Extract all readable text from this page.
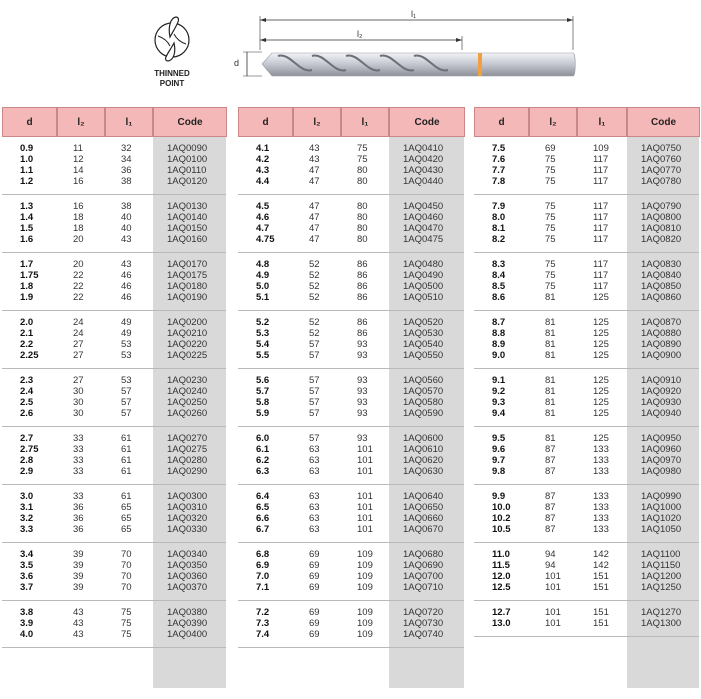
THINNED
POINT
d
l₁
l₂
d	l₂	l₁	Code	d	l₂	l₁	Code	d	l₂	l₁	Code
0.9	11	32	1AQ0090
1.0	12	34	1AQ0100
1.1	14	36	1AQ0110
1.2	16	38	1AQ0120
1.3	16	38	1AQ0130
1.4	18	40	1AQ0140
1.5	18	40	1AQ0150
1.6	20	43	1AQ0160
1.7	20	43	1AQ0170
1.75	22	46	1AQ0175
1.8	22	46	1AQ0180
1.9	22	46	1AQ0190
2.0	24	49	1AQ0200
2.1	24	49	1AQ0210
2.2	27	53	1AQ0220
2.25	27	53	1AQ0225
2.3	27	53	1AQ0230
2.4	30	57	1AQ0240
2.5	30	57	1AQ0250
2.6	30	57	1AQ0260
2.7	33	61	1AQ0270
2.75	33	61	1AQ0275
2.8	33	61	1AQ0280
2.9	33	61	1AQ0290
3.0	33	61	1AQ0300
3.1	36	65	1AQ0310
3.2	36	65	1AQ0320
3.3	36	65	1AQ0330
3.4	39	70	1AQ0340
3.5	39	70	1AQ0350
3.6	39	70	1AQ0360
3.7	39	70	1AQ0370
3.8	43	75	1AQ0380
3.9	43	75	1AQ0390
4.0	43	75	1AQ0400
4.1	43	75	1AQ0410
4.2	43	75	1AQ0420
4.3	47	80	1AQ0430
4.4	47	80	1AQ0440
4.5	47	80	1AQ0450
4.6	47	80	1AQ0460
4.7	47	80	1AQ0470
4.75	47	80	1AQ0475
4.8	52	86	1AQ0480
4.9	52	86	1AQ0490
5.0	52	86	1AQ0500
5.1	52	86	1AQ0510
5.2	52	86	1AQ0520
5.3	52	86	1AQ0530
5.4	57	93	1AQ0540
5.5	57	93	1AQ0550
5.6	57	93	1AQ0560
5.7	57	93	1AQ0570
5.8	57	93	1AQ0580
5.9	57	93	1AQ0590
6.0	57	93	1AQ0600
6.1	63	101	1AQ0610
6.2	63	101	1AQ0620
6.3	63	101	1AQ0630
6.4	63	101	1AQ0640
6.5	63	101	1AQ0650
6.6	63	101	1AQ0660
6.7	63	101	1AQ0670
6.8	69	109	1AQ0680
6.9	69	109	1AQ0690
7.0	69	109	1AQ0700
7.1	69	109	1AQ0710
7.2	69	109	1AQ0720
7.3	69	109	1AQ0730
7.4	69	109	1AQ0740
7.5	69	109	1AQ0750
7.6	75	117	1AQ0760
7.7	75	117	1AQ0770
7.8	75	117	1AQ0780
7.9	75	117	1AQ0790
8.0	75	117	1AQ0800
8.1	75	117	1AQ0810
8.2	75	117	1AQ0820
8.3	75	117	1AQ0830
8.4	75	117	1AQ0840
8.5	75	117	1AQ0850
8.6	81	125	1AQ0860
8.7	81	125	1AQ0870
8.8	81	125	1AQ0880
8.9	81	125	1AQ0890
9.0	81	125	1AQ0900
9.1	81	125	1AQ0910
9.2	81	125	1AQ0920
9.3	81	125	1AQ0930
9.4	81	125	1AQ0940
9.5	81	125	1AQ0950
9.6	87	133	1AQ0960
9.7	87	133	1AQ0970
9.8	87	133	1AQ0980
9.9	87	133	1AQ0990
10.0	87	133	1AQ1000
10.2	87	133	1AQ1020
10.5	87	133	1AQ1050
11.0	94	142	1AQ1100
11.5	94	142	1AQ1150
12.0	101	151	1AQ1200
12.5	101	151	1AQ1250
12.7	101	151	1AQ1270
13.0	101	151	1AQ1300
